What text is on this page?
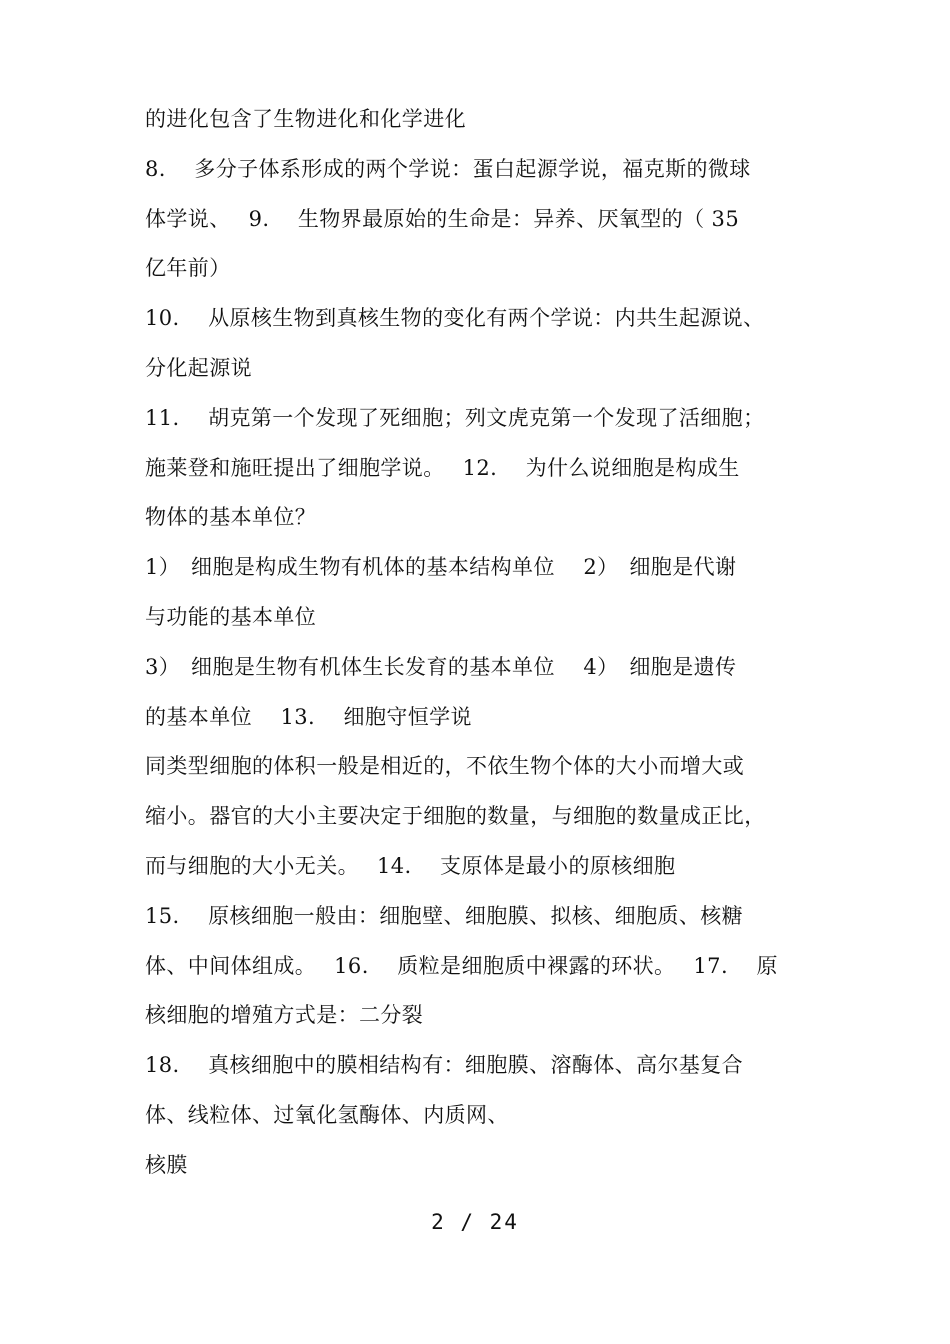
的进化包含了生物进化和化学进化
8.　 多分子体系形成的两个学说：蛋白起源学说，福克斯的微球
体学说、　 9.　 生物界最原始的生命是：异养、厌氧型的（ 35
亿年前）
10.　 从原核生物到真核生物的变化有两个学说：内共生起源说、
分化起源说
11.　 胡克第一个发现了死细胞；列文虎克第一个发现了活细胞；
施莱登和施旺提出了细胞学说。　 12.　 为什么说细胞是构成生
物体的基本单位？
1）　细胞是构成生物有机体的基本结构单位　 2）　细胞是代谢
与功能的基本单位
3）　细胞是生物有机体生长发育的基本单位　 4）　细胞是遗传
的基本单位　 13.　 细胞守恒学说
同类型细胞的体积一般是相近的，不依生物个体的大小而增大或
缩小。器官的大小主要决定于细胞的数量，与细胞的数量成正比，
而与细胞的大小无关。　 14.　 支原体是最小的原核细胞
15.　 原核细胞一般由：细胞壁、细胞膜、拟核、细胞质、核糖
体、中间体组成。　 16.　 质粒是细胞质中裸露的环状。　 17.　 原
核细胞的增殖方式是：二分裂
18.　 真核细胞中的膜相结构有：细胞膜、溶酶体、高尔基复合
体、线粒体、过氧化氢酶体、内质网、
核膜
2 / 24
